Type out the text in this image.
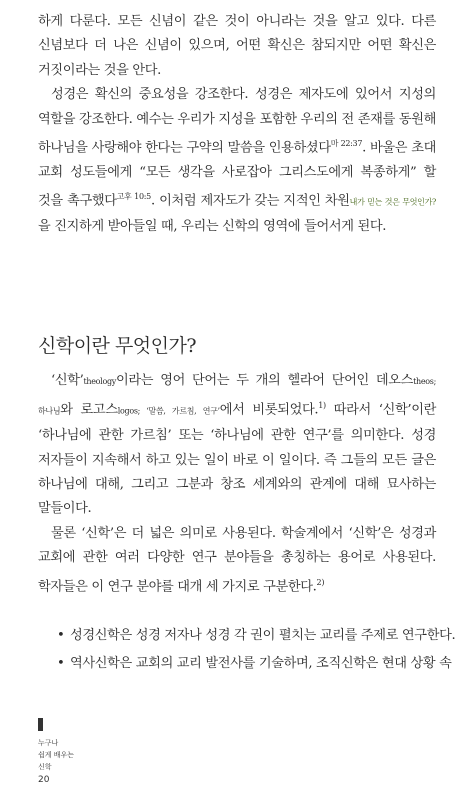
하게 다룬다. 모든 신념이 같은 것이 아니라는 것을 알고 있다. 다른 신념보다 더 나은 신념이 있으며, 어떤 확신은 참되지만 어떤 확신은 거짓이라는 것을 안다.
성경은 확신의 중요성을 강조한다. 성경은 제자도에 있어서 지성의 역할을 강조한다. 예수는 우리가 지성을 포함한 우리의 전 존재를 동원해 하나님을 사랑해야 한다는 구약의 말씀을 인용하셨다$^{마 22:37}$. 바울은 초대 교회 성도들에게 “모든 생각을 사로잡아 그리스도에게 복종하게” 할 것을 촉구했다$^{고후 10:5}$. 이처럼 제자도가 갖는 지적인 차원내가 믿는 것은 무엇인가?을 진지하게 받아들일 때, 우리는 신학의 영역에 들어서게 된다.
신학이란 무엇인가?
‘신학’theology이라는 영어 단어는 두 개의 헬라어 단어인 데오스theos; 하나님와 로고스logos; ‘말씀, 가르침, 연구’에서 비롯되었다.$^{1)}$ 따라서 ‘신학’이란 ‘하나님에 관한 가르침’ 또는 ‘하나님에 관한 연구’를 의미한다. 성경 저자들이 지속해서 하고 있는 일이 바로 이 일이다. 즉 그들의 모든 글은 하나님에 대해, 그리고 그분과 창조 세계와의 관계에 대해 묘사하는 말들이다.
물론 ‘신학’은 더 넓은 의미로 사용된다. 학술계에서 ‘신학’은 성경과 교회에 관한 여러 다양한 연구 분야들을 총칭하는 용어로 사용된다. 학자들은 이 연구 분야를 대개 세 가지로 구분한다.$^{2)}$
• 성경신학은 성경 저자나 성경 각 권이 펼치는 교리를 주제로 연구한다.
• 역사신학은 교회의 교리 발전사를 기술하며, 조직신학은 현대 상황 속
누구나
쉽게 배우는
신학
20
